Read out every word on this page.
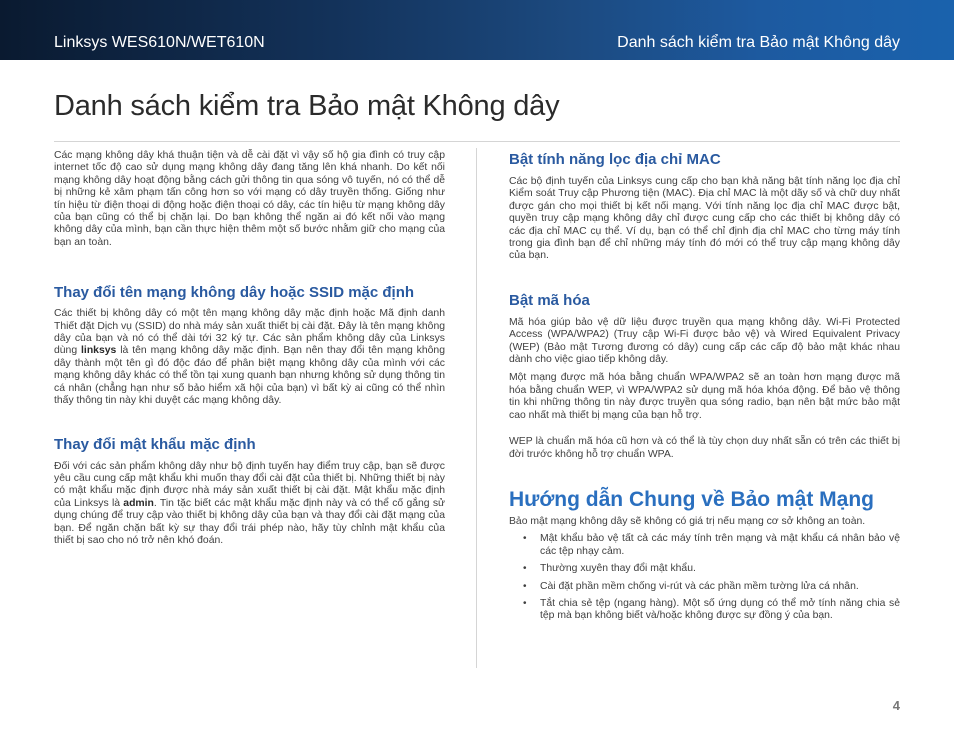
Linksys WES610N/WET610N	Danh sách kiểm tra Bảo mật Không dây
Danh sách kiểm tra Bảo mật Không dây

Các mạng không dây khá thuận tiện và dễ cài đặt vì vậy số hộ gia đình có truy cập internet tốc độ cao sử dụng mạng không dây đang tăng lên khá nhanh. Do kết nối mạng không dây hoạt động bằng cách gửi thông tin qua sóng vô tuyến, nó có thể dễ bị những kẻ xâm phạm tấn công hơn so với mạng có dây truyền thống. Giống như tín hiệu từ điện thoại di động hoặc điện thoại có dây, các tín hiệu từ mạng không dây của bạn cũng có thể bị chặn lại. Do bạn không thể ngăn ai đó kết nối vào mạng không dây của mình, bạn cần thực hiện thêm một số bước nhằm giữ cho mạng của bạn an toàn.

Thay đổi tên mạng không dây hoặc SSID mặc định

Các thiết bị không dây có một tên mạng không dây mặc định hoặc Mã định danh Thiết đặt Dịch vụ (SSID) do nhà máy sản xuất thiết bị cài đặt. Đây là tên mạng không dây của bạn và nó có thể dài tới 32 ký tự. Các sản phẩm không dây của Linksys dùng linksys là tên mạng không dây mặc định. Bạn nên thay đổi tên mạng không dây thành một tên gì đó độc đáo để phân biệt mạng không dây của mình với các mạng không dây khác có thể tồn tại xung quanh bạn nhưng không sử dụng thông tin cá nhân (chẳng hạn như số bảo hiểm xã hội của bạn) vì bất kỳ ai cũng có thể nhìn thấy thông tin này khi duyệt các mạng không dây.

Thay đổi mật khẩu mặc định

Đối với các sản phẩm không dây như bộ định tuyến hay điểm truy cập, bạn sẽ được yêu cầu cung cấp mật khẩu khi muốn thay đổi cài đặt của thiết bị. Những thiết bị này có mật khẩu mặc định được nhà máy sản xuất thiết bị cài đặt. Mật khẩu mặc định của Linksys là admin. Tin tặc biết các mật khẩu mặc định này và có thể cố gắng sử dụng chúng để truy cập vào thiết bị không dây của bạn và thay đổi cài đặt mạng của bạn. Để ngăn chặn bất kỳ sự thay đổi trái phép nào, hãy tùy chỉnh mật khẩu của thiết bị sao cho nó trở nên khó đoán.

Bật tính năng lọc địa chỉ MAC

Các bộ định tuyến của Linksys cung cấp cho bạn khả năng bật tính năng lọc địa chỉ Kiểm soát Truy cập Phương tiện (MAC). Địa chỉ MAC là một dãy số và chữ duy nhất được gán cho mọi thiết bị kết nối mạng. Với tính năng lọc địa chỉ MAC được bật, quyền truy cập mạng không dây chỉ được cung cấp cho các thiết bị không dây có các địa chỉ MAC cụ thể. Ví dụ, bạn có thể chỉ định địa chỉ MAC cho từng máy tính trong gia đình bạn để chỉ những máy tính đó mới có thể truy cập mạng không dây của bạn.

Bật mã hóa

Mã hóa giúp bảo vệ dữ liệu được truyền qua mạng không dây. Wi-Fi Protected Access (WPA/WPA2) (Truy cập Wi-Fi được bảo vệ) và Wired Equivalent Privacy (WEP) (Bảo mật Tương đương có dây) cung cấp các cấp độ bảo mật khác nhau dành cho việc giao tiếp không dây.

Một mạng được mã hóa bằng chuẩn WPA/WPA2 sẽ an toàn hơn mạng được mã hóa bằng chuẩn WEP, vì WPA/WPA2 sử dụng mã hóa khóa động. Để bảo vệ thông tin khi những thông tin này được truyền qua sóng radio, bạn nên bật mức bảo mật cao nhất mà thiết bị mạng của bạn hỗ trợ.

WEP là chuẩn mã hóa cũ hơn và có thể là tùy chọn duy nhất sẵn có trên các thiết bị đời trước không hỗ trợ chuẩn WPA.

Hướng dẫn Chung về Bảo mật Mạng

Bảo mật mạng không dây sẽ không có giá trị nếu mạng cơ sở không an toàn.

• Mật khẩu bảo vệ tất cả các máy tính trên mạng và mật khẩu cá nhân bảo vệ các tệp nhạy cảm.
• Thường xuyên thay đổi mật khẩu.
• Cài đặt phần mềm chống vi-rút và các phần mềm tường lửa cá nhân.
• Tắt chia sẻ tệp (ngang hàng). Một số ứng dụng có thể mở tính năng chia sẻ tệp mà bạn không biết và/hoặc không được sự đồng ý của bạn.
4
